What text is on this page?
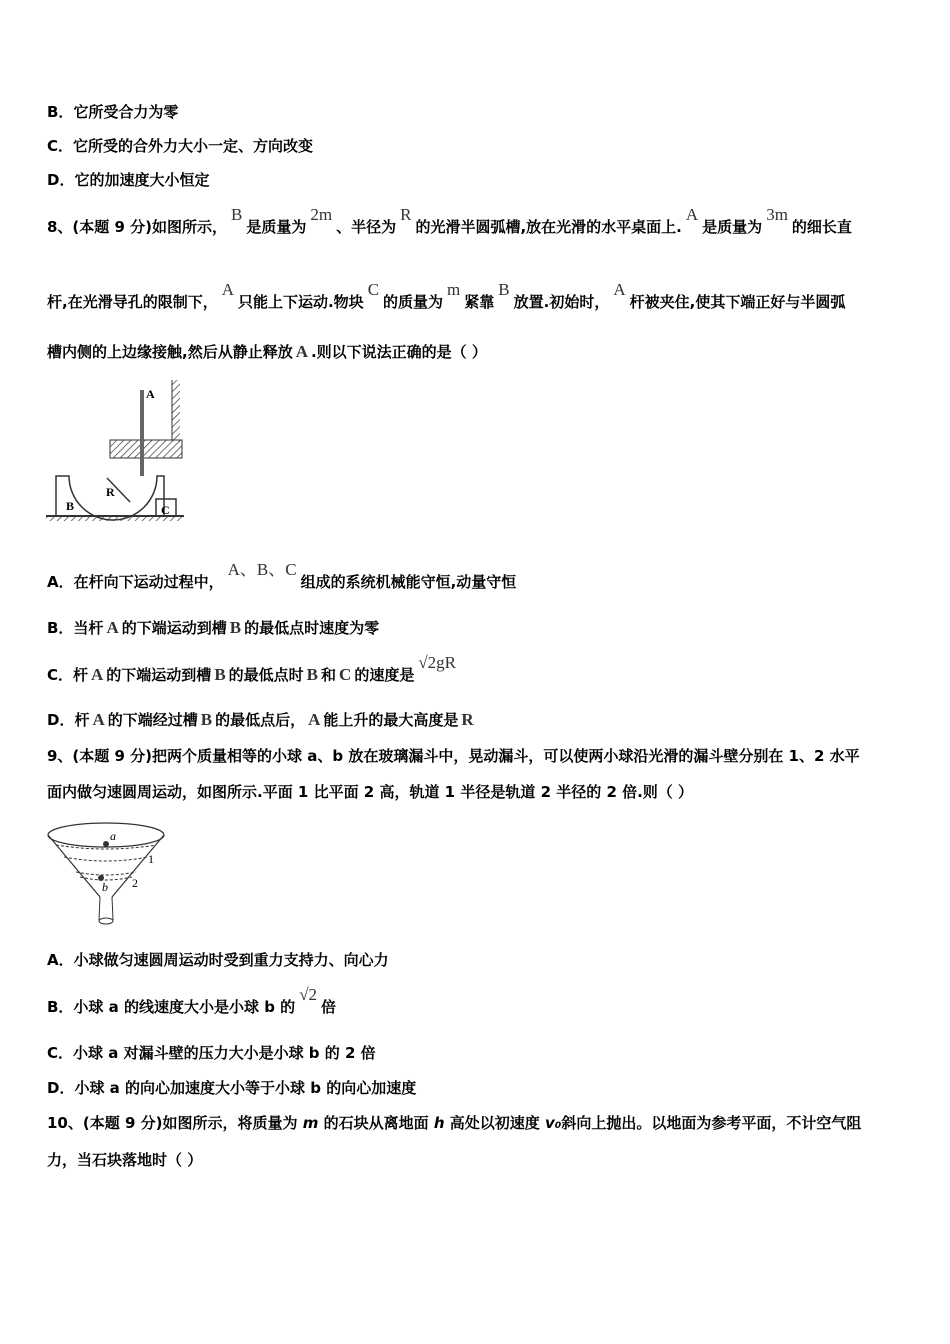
B．它所受合力为零
C．它所受的合外力大小一定、方向改变
D．它的加速度大小恒定
8、(本题 9 分)如图所示，B是质量为2m、半径为R的光滑半圆弧槽,放在光滑的水平桌面上.A是质量为3m的细长直
杆,在光滑导孔的限制下，A只能上下运动.物块C的质量为m紧靠B放置.初始时，A杆被夹住,使其下端正好与半圆弧
槽内侧的上边缘接触,然后从静止释放 A .则以下说法正确的是（ ）
A
R
B	C
A．在杆向下运动过程中，A、B、C组成的系统机械能守恒,动量守恒
B．当杆 A 的下端运动到槽 B 的最低点时速度为零
C．杆 A 的下端运动到槽 B 的最低点时 B 和 C 的速度是√2gR
D．杆 A 的下端经过槽 B 的最低点后， A 能上升的最大高度是 R
9、(本题 9 分)把两个质量相等的小球 a、b 放在玻璃漏斗中，晃动漏斗，可以使两小球沿光滑的漏斗壁分别在 1、2 水平
面内做匀速圆周运动，如图所示.平面 1 比平面 2 高，轨道 1 半径是轨道 2 半径的 2 倍.则（ ）
a
b
1
2
A．小球做匀速圆周运动时受到重力支持力、向心力
B．小球 a 的线速度大小是小球 b 的√2倍
C．小球 a 对漏斗壁的压力大小是小球 b 的 2 倍
D．小球 a 的向心加速度大小等于小球 b 的向心加速度
10、(本题 9 分)如图所示，将质量为 m 的石块从离地面 h 高处以初速度 v₀斜向上抛出。以地面为参考平面，不计空气阻
力，当石块落地时（ ）
